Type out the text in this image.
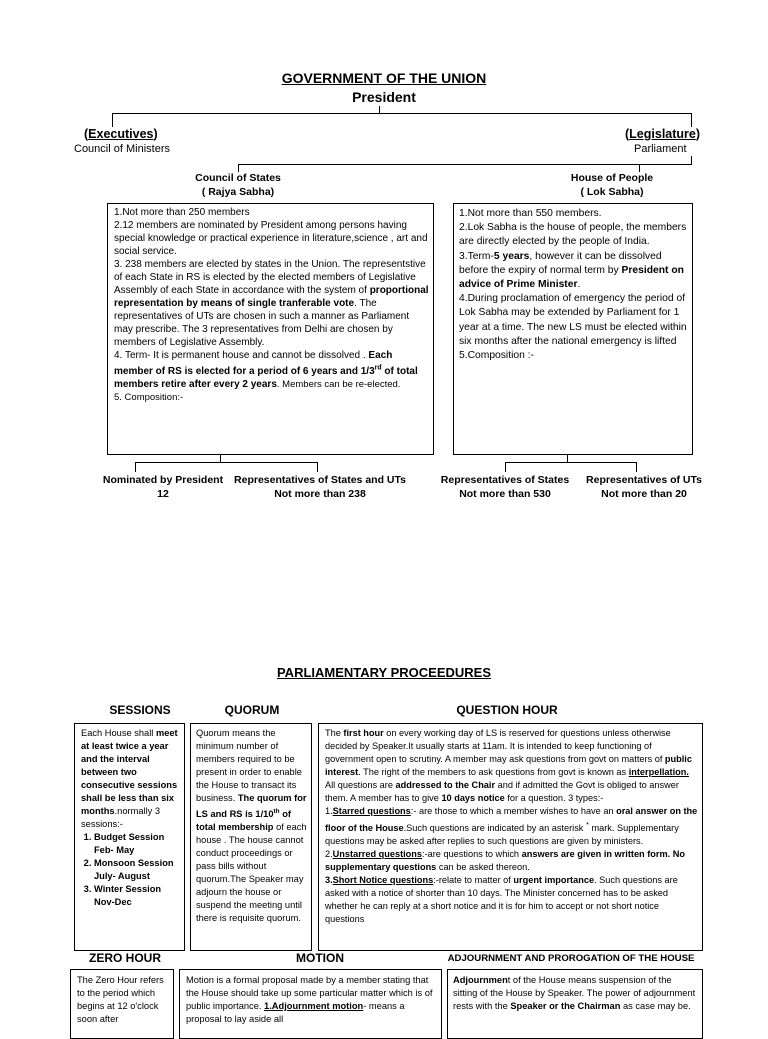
GOVERNMENT OF THE UNION
President
(Executives)
Council of Ministers
(Legislature)
Parliament
Council of States
( Rajya Sabha)
House of People
( Lok Sabha)
1.Not more than 250 members
2.12 members are nominated by President among persons having special knowledge or practical experience in literature,science , art and social service.
3. 238 members are elected by states in the Union. The representstive of each State in RS is elected by the elected members of Legislative Assembly of each State in accordance with the system of proportional representation by means of single tranferable vote. The representatives of UTs are chosen in such a manner as Parliament may prescribe. The 3 representatives from Delhi are chosen by members of Legislative Assembly.
4. Term- It is permanent house and cannot be dissolved . Each member of RS is elected for a period of 6 years and 1/3rd of total members retire after every 2 years. Members can be re-elected.
5. Composition:-
1.Not more than 550 members.
2.Lok Sabha is the house of people, the members are directly elected by the people of India.
3.Term-5 years, however it can be dissolved before the expiry of normal term by President on advice of Prime Minister.
4.During proclamation of emergency the period of Lok Sabha may be extended by Parliament for 1 year at a time. The new LS must be elected within six months after the national emergency is lifted
5.Composition :-
Nominated by President
12
Representatives of States and UTs
Not more than 238
Representatives of States
Not more than 530
Representatives of UTs
Not more than 20
PARLIAMENTARY PROCEEDURES
SESSIONS	QUORUM	QUESTION HOUR
Each House shall meet at least twice a year and the interval between two consecutive sessions shall be less than six months.normally 3 sessions:-
1. Budget Session Feb- May
2. Monsoon Session July- August
3. Winter Session Nov-Dec
Quorum means the minimum number of members required to be present in order to enable the House to transact its business. The quorum for LS and RS is 1/10th of total membership of each house . The house cannot conduct proceedings or pass bills without quorum.The Speaker may adjourn the house or suspend the meeting until there is requisite quorum.
The first hour on every working day of LS is reserved for questions unless otherwise decided by Speaker.It usually starts at 11am. It is intended to keep functioning of government open to scrutiny. A member may ask questions from govt on matters of public interest. The right of the members to ask questions from govt is known as interpellation. All questions are addressed to the Chair and if admitted the Govt is obliged to answer them. A member has to give 10 days notice for a question. 3 types:-
1.Starred questions:- are those to which a member wishes to have an oral answer on the floor of the House.Such questions are indicated by an asterisk * mark. Supplementary questions may be asked after replies to such questions are given by ministers.
2.Unstarred questions:-are questions to which answers are given in written form. No supplementary questions can be asked thereon.
3.Short Notice questions:-relate to matter of urgent importance. Such questions are asked with a notice of shorter than 10 days. The Minister concerned has to be asked whether he can reply at a short notice and it is for him to accept or not short notice questions
ZERO HOUR	MOTION	ADJOURNMENT AND PROROGATION OF THE HOUSE
The Zero Hour refers to the period which begins at 12 o'clock soon after
Motion is a formal proposal made by a member stating that the House should take up some particular matter which is of public importance. 1.Adjournment motion- means a proposal to lay aside all
Adjournment of the House means suspension of the sitting of the House by Speaker. The power of adjournment rests with the Speaker or the Chairman as case may be.
